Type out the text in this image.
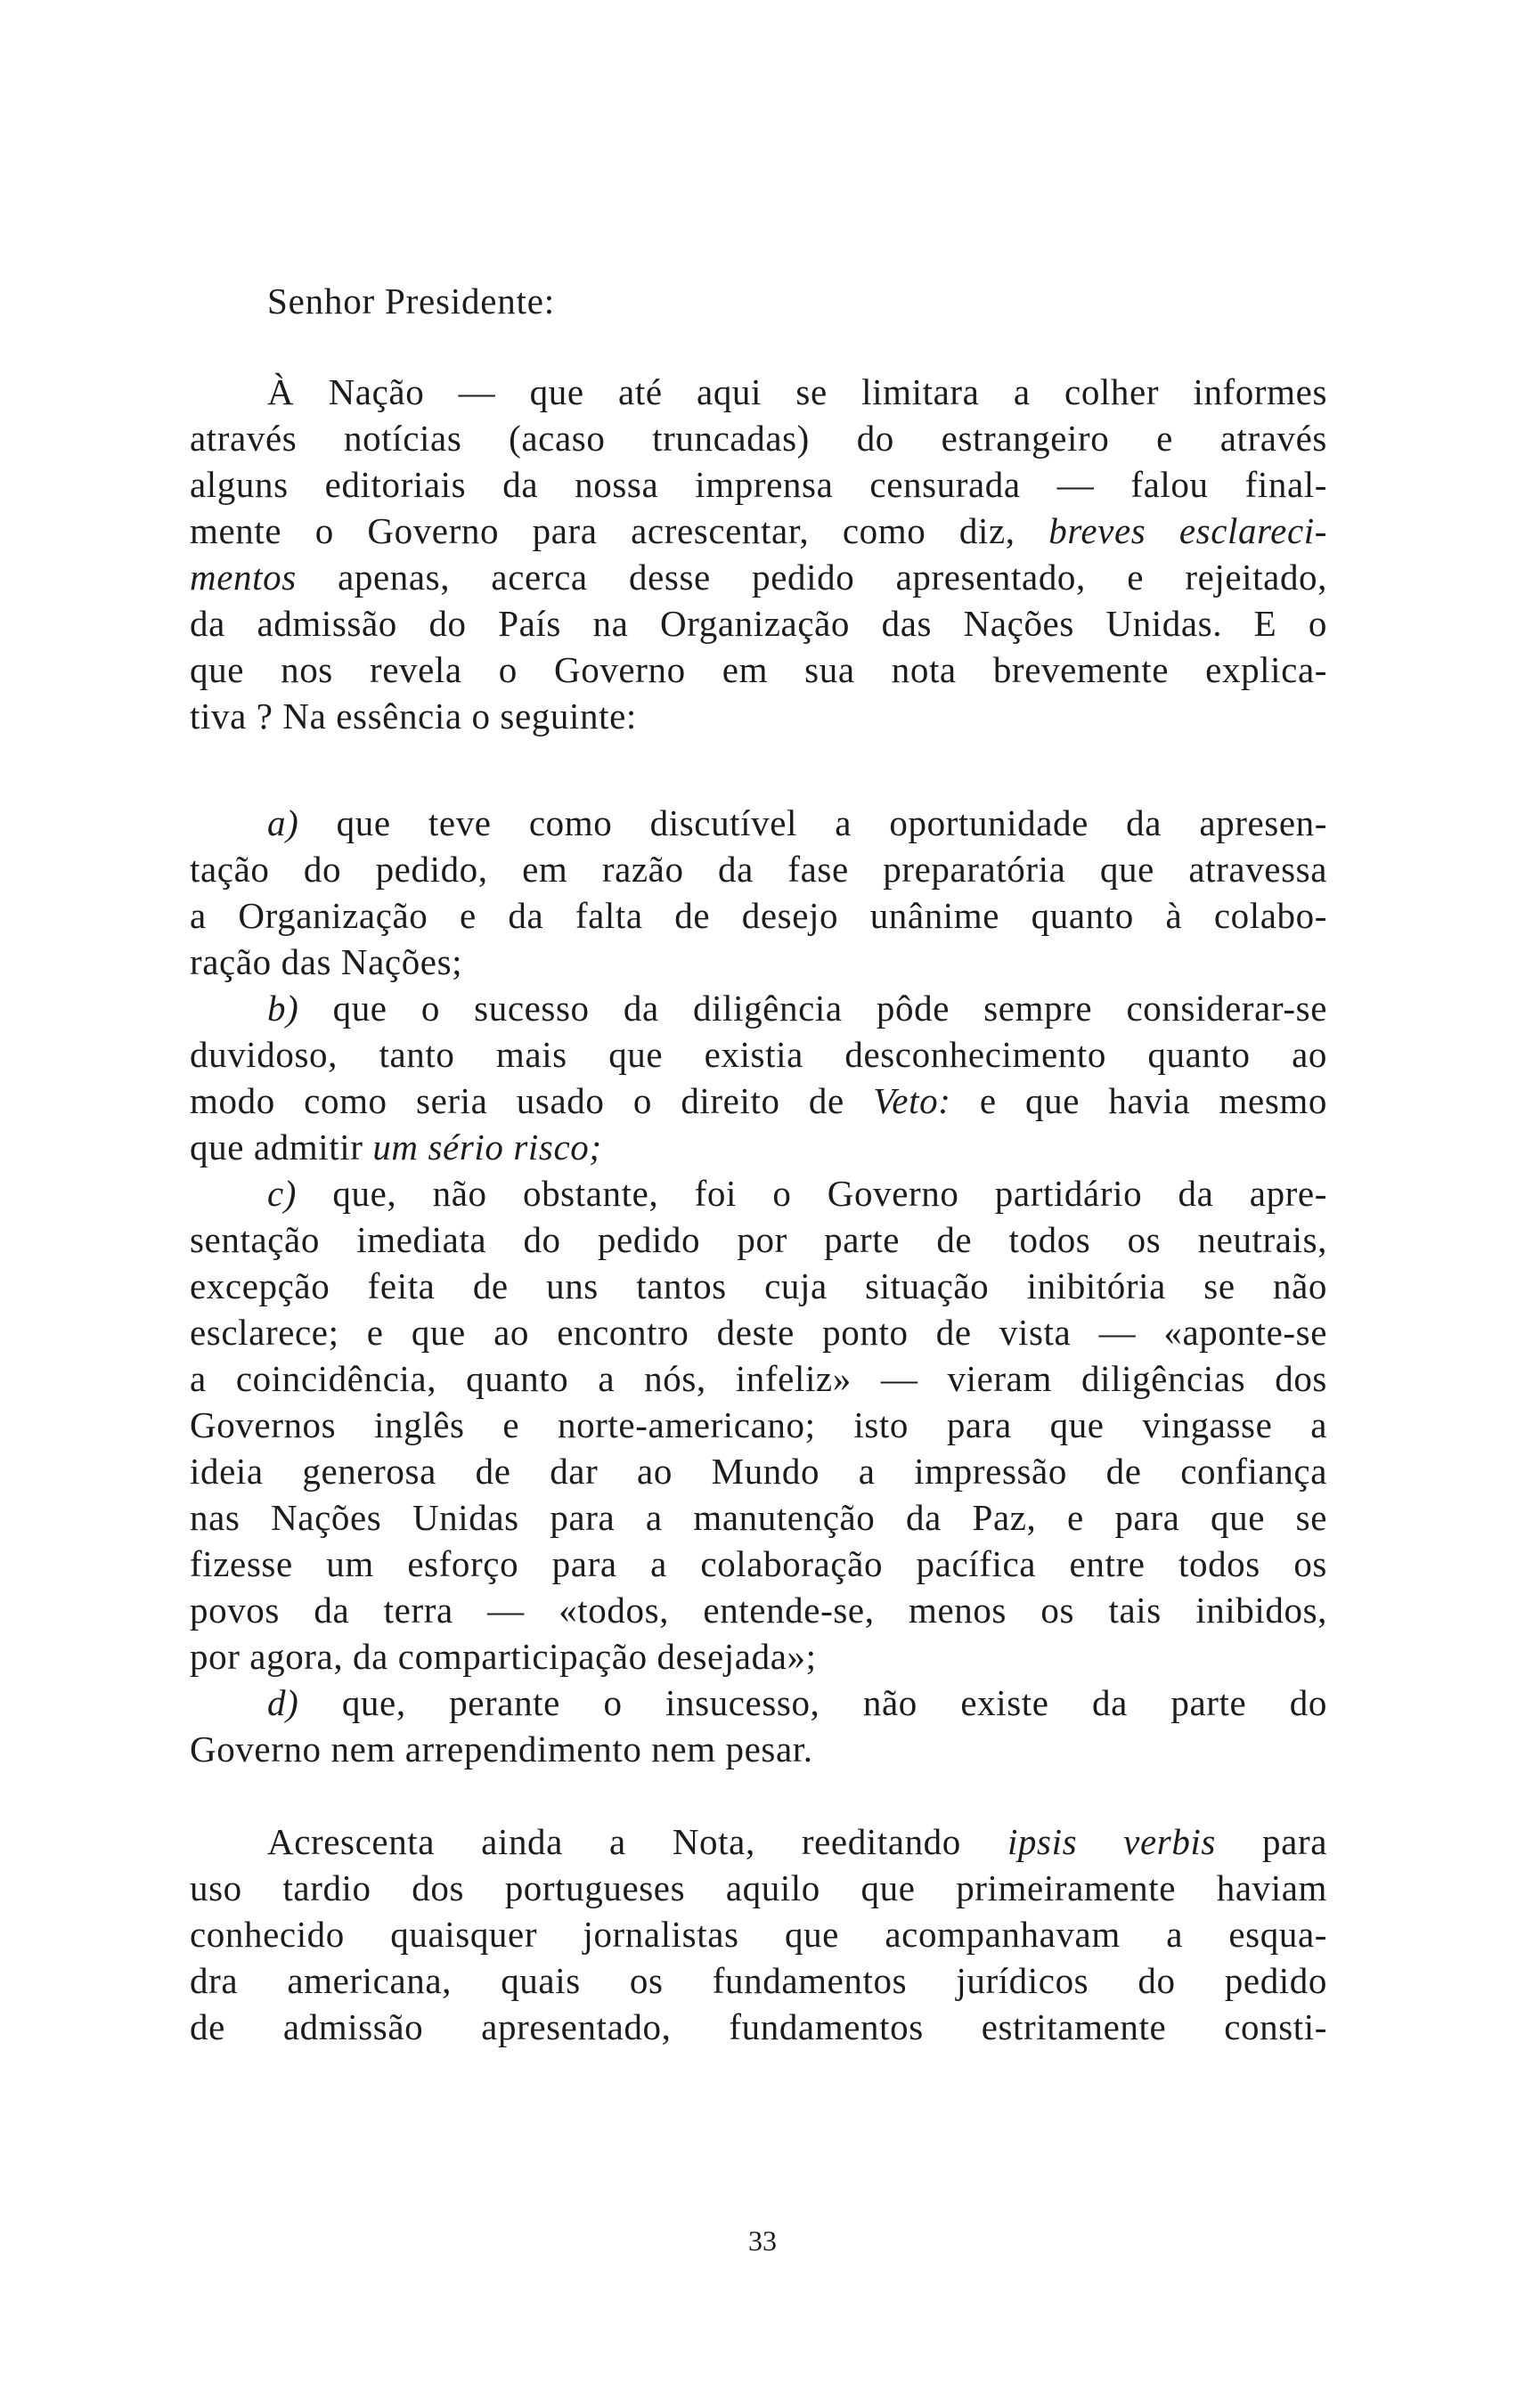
Senhor Presidente:
À Nação — que até aqui se limitara a colher informes
através notícias (acaso truncadas) do estrangeiro e através
alguns editoriais da nossa imprensa censurada — falou final-
mente o Governo para acrescentar, como diz, breves esclareci-
mentos apenas, acerca desse pedido apresentado, e rejeitado,
da admissão do País na Organização das Nações Unidas. E o
que nos revela o Governo em sua nota brevemente explica-
tiva ? Na essência o seguinte:
a) que teve como discutível a oportunidade da apresen-
tação do pedido, em razão da fase preparatória que atravessa
a Organização e da falta de desejo unânime quanto à colabo-
ração das Nações;
b) que o sucesso da diligência pôde sempre considerar-se
duvidoso, tanto mais que existia desconhecimento quanto ao
modo como seria usado o direito de Veto: e que havia mesmo
que admitir um sério risco;
c) que, não obstante, foi o Governo partidário da apre-
sentação imediata do pedido por parte de todos os neutrais,
excepção feita de uns tantos cuja situação inibitória se não
esclarece; e que ao encontro deste ponto de vista — «aponte-se
a coincidência, quanto a nós, infeliz» — vieram diligências dos
Governos inglês e norte-americano; isto para que vingasse a
ideia generosa de dar ao Mundo a impressão de confiança
nas Nações Unidas para a manutenção da Paz, e para que se
fizesse um esforço para a colaboração pacífica entre todos os
povos da terra — «todos, entende-se, menos os tais inibidos,
por agora, da comparticipação desejada»;
d) que, perante o insucesso, não existe da parte do
Governo nem arrependimento nem pesar.
Acrescenta ainda a Nota, reeditando ipsis verbis para
uso tardio dos portugueses aquilo que primeiramente haviam
conhecido quaisquer jornalistas que acompanhavam a esqua-
dra americana, quais os fundamentos jurídicos do pedido
de admissão apresentado, fundamentos estritamente consti-
33
